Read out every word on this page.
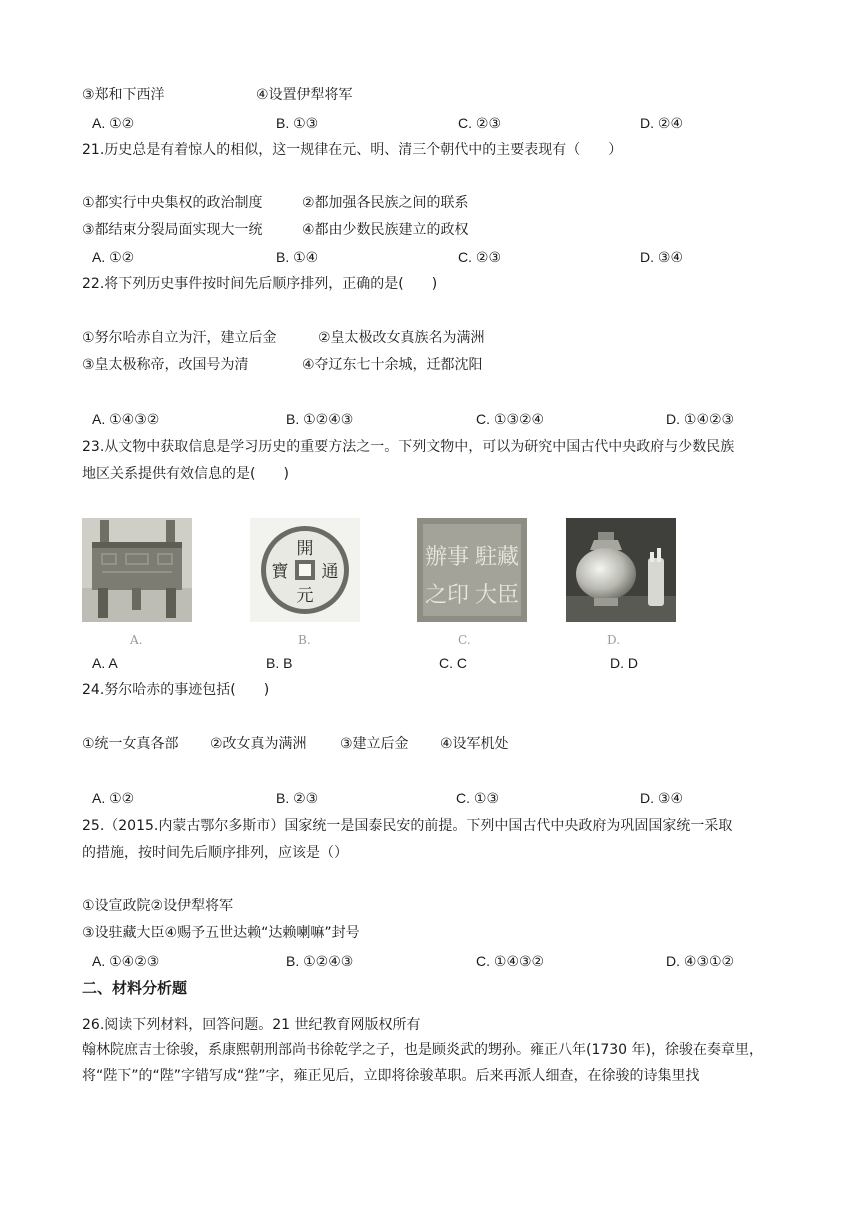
③郑和下西洋	④设置伊犁将军
A. ①②	B. ①③	C. ②③	D. ②④
21.历史总是有着惊人的相似，这一规律在元、明、清三个朝代中的主要表现有（　　）
①都实行中央集权的政治制度	②都加强各民族之间的联系
③都结束分裂局面实现大一统	④都由少数民族建立的政权
A. ①②	B. ①④	C. ②③	D. ③④
22.将下列历史事件按时间先后顺序排列，正确的是(　　)
①努尔哈赤自立为汗，建立后金	②皇太极改女真族名为满洲
③皇太极称帝，改国号为清	④夺辽东七十余城，迁都沈阳
A. ①④③②	B. ①②④③	C. ①③②④	D. ①④②③
23.从文物中获取信息是学习历史的重要方法之一。下列文物中，可以为研究中国古代中央政府与少数民族
地区关系提供有效信息的是(　　)
A.
開
通
元
寶
B.
駐藏
辦事
大臣
之印
C.	D.
A. A	B. B	C. C	D. D
24.努尔哈赤的事迹包括(　　)
①统一女真各部 ②改女真为满洲 ③建立后金 ④设军机处
A. ①②	B. ②③	C. ①③	D. ③④
25.（2015.内蒙古鄂尔多斯市）国家统一是国泰民安的前提。下列中国古代中央政府为巩固国家统一采取
的措施，按时间先后顺序排列，应该是（）
①设宣政院②设伊犁将军
③设驻藏大臣④赐予五世达赖“达赖喇嘛”封号
A. ①④②③	B. ①②④③	C. ①④③②	D. ④③①②
二、材料分析题
26.阅读下列材料，回答问题。21 世纪教育网版权所有
翰林院庶吉士徐骏，系康熙朝刑部尚书徐乾学之子，也是顾炎武的甥孙。雍正八年(1730 年)，徐骏在奏章里，将“陛下”的“陛”字错写成“狴”字，雍正见后，立即将徐骏革职。后来再派人细查，在徐骏的诗集里找
